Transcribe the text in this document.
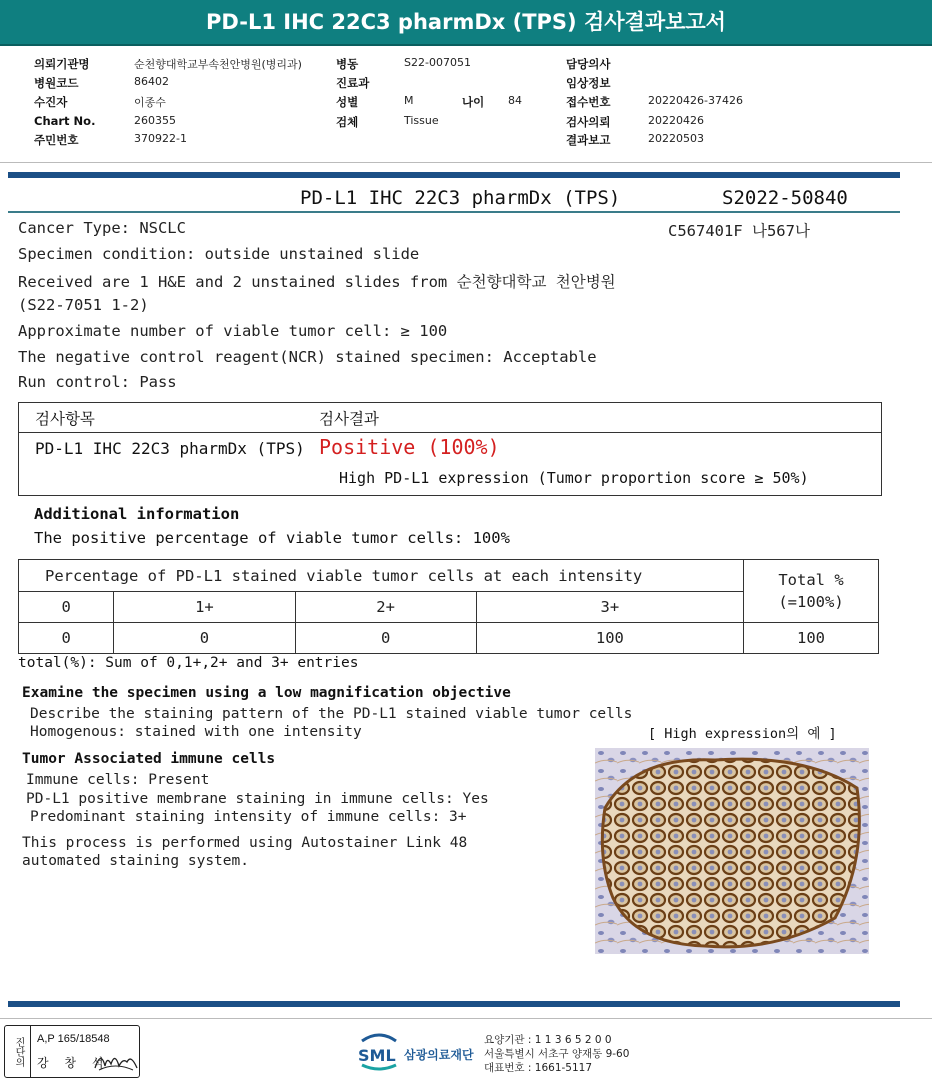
PD-L1 IHC 22C3 pharmDx (TPS) 검사결과보고서
의뢰기관명	순천향대학교부속천안병원(병리과)	병동	S22-007051	담당의사
병원코드	86402	진료과	임상정보
수진자	이종수	성별	M	나이 84	접수번호	20220426-37426
Chart No.	260355	검체	Tissue	검사의뢰	20220426
주민번호	370922-1	결과보고	20220503
PD-L1 IHC 22C3 pharmDx (TPS)	S2022-50840
Cancer Type: NSCLC	C567401F 나567나
Specimen condition: outside unstained slide
Received are 1 H&E and 2 unstained slides from 순천향대학교 천안병원
(S22-7051 1-2)
Approximate number of viable tumor cell: ≥ 100
The negative control reagent(NCR) stained specimen: Acceptable
Run control: Pass
검사항목	검사결과
PD-L1 IHC 22C3 pharmDx (TPS) Positive (100%)
High PD-L1 expression (Tumor proportion score ≥ 50%)
Additional information
The positive percentage of viable tumor cells: 100%
Percentage of PD-L1 stained viable tumor cells at each intensity				Total %
(=100%)

0	1+	2+	3+	
0	0	0	100	100
total(%): Sum of 0,1+,2+ and 3+ entries
Examine the specimen using a low magnification objective
Describe the staining pattern of the PD-L1 stained viable tumor cells
Homogenous: stained with one intensity
Tumor Associated immune cells
Immune cells: Present
PD-L1 positive membrane staining in immune cells: Yes
Predominant staining intensity of immune cells: 3+
This process is performed using Autostainer Link 48
automated staining system.
[ High expression의 예 ]
진단의	A,P 165/18548
강 창 석	SML 삼광의료재단
요양기관 : 1 1 3 6 5 2 0 0
서울특별시 서초구 양재동 9-60
대표번호 : 1661-5117
